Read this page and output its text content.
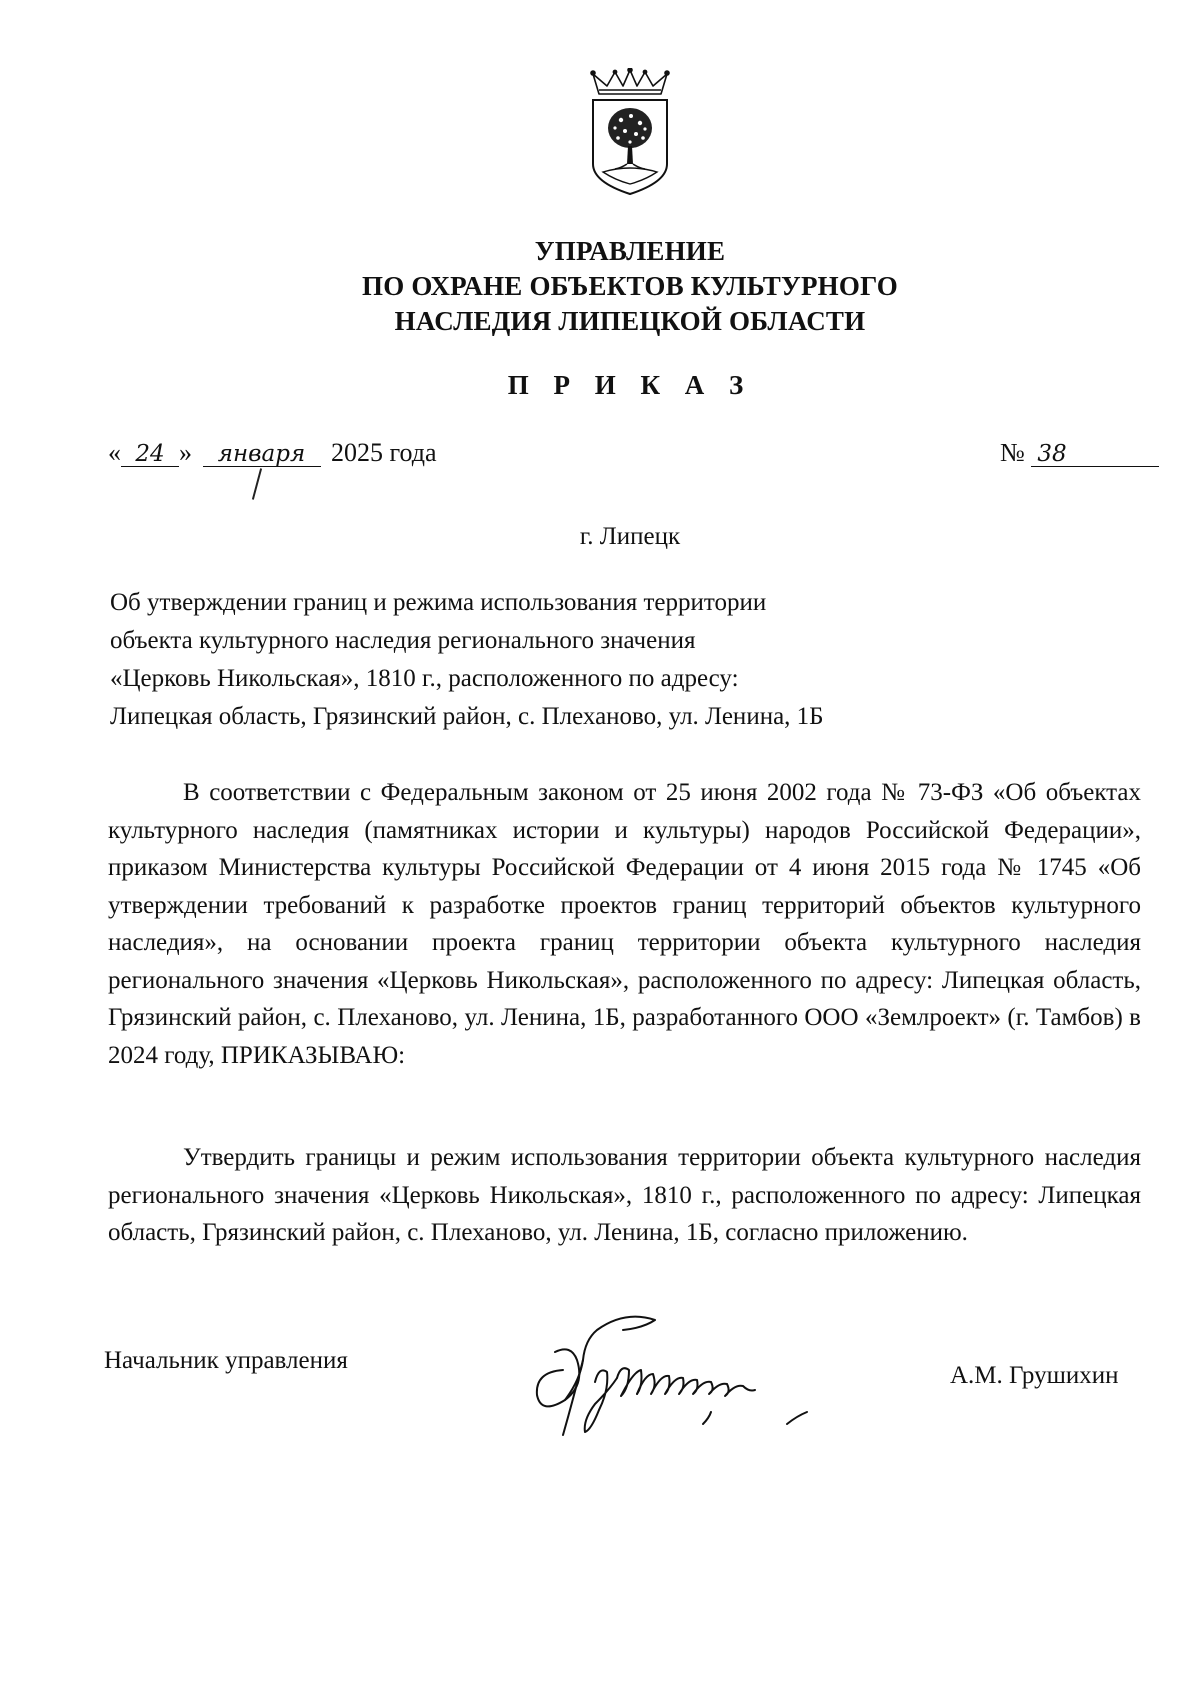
УПРАВЛЕНИЕ
ПО ОХРАНЕ ОБЪЕКТОВ КУЛЬТУРНОГО
НАСЛЕДИЯ ЛИПЕЦКОЙ ОБЛАСТИ
П Р И К А З
« 24 » января 2025 года	№ 38
г. Липецк
Об утверждении границ и режима использования территории
объекта культурного наследия регионального значения
«Церковь Никольская», 1810 г., расположенного по адресу:
Липецкая область, Грязинский район, с. Плеханово, ул. Ленина, 1Б
В соответствии с Федеральным законом от 25 июня 2002 года № 73-ФЗ «Об объектах культурного наследия (памятниках истории и культуры) народов Российской Федерации», приказом Министерства культуры Российской Федерации от 4 июня 2015 года № 1745 «Об утверждении требований к разработке проектов границ территорий объектов культурного наследия», на основании проекта границ территории объекта культурного наследия регионального значения «Церковь Никольская», расположенного по адресу: Липецкая область, Грязинский район, с. Плеханово, ул. Ленина, 1Б, разработанного ООО «Землроект» (г. Тамбов) в 2024 году, ПРИКАЗЫВАЮ:
Утвердить границы и режим использования территории объекта культурного наследия регионального значения «Церковь Никольская», 1810 г., расположенного по адресу: Липецкая область, Грязинский район, с. Плеханово, ул. Ленина, 1Б, согласно приложению.
Начальник управления
А.М. Грушихин
